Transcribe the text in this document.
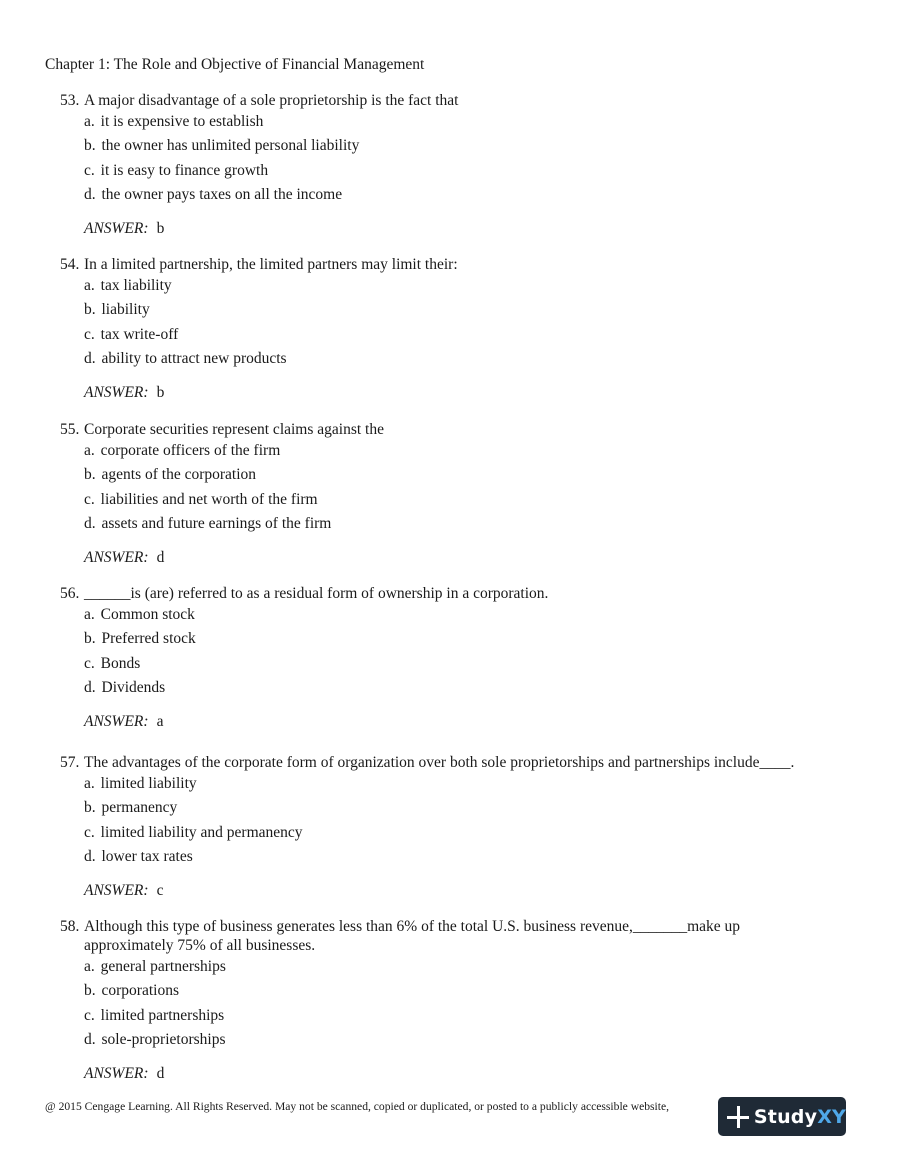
Chapter 1: The Role and Objective of Financial Management
53. A major disadvantage of a sole proprietorship is the fact that
a. it is expensive to establish
b. the owner has unlimited personal liability
c. it is easy to finance growth
d. the owner pays taxes on all the income
ANSWER: b
54. In a limited partnership, the limited partners may limit their:
a. tax liability
b. liability
c. tax write-off
d. ability to attract new products
ANSWER: b
55. Corporate securities represent claims against the
a. corporate officers of the firm
b. agents of the corporation
c. liabilities and net worth of the firm
d. assets and future earnings of the firm
ANSWER: d
56. ______is (are) referred to as a residual form of ownership in a corporation.
a. Common stock
b. Preferred stock
c. Bonds
d. Dividends
ANSWER: a
57. The advantages of the corporate form of organization over both sole proprietorships and partnerships include____.
a. limited liability
b. permanency
c. limited liability and permanency
d. lower tax rates
ANSWER: c
58. Although this type of business generates less than 6% of the total U.S. business revenue,_______make up approximately 75% of all businesses.
a. general partnerships
b. corporations
c. limited partnerships
d. sole-proprietorships
ANSWER: d
@ 2015 Cengage Learning. All Rights Reserved. May not be scanned, copied or duplicated, or posted to a publicly accessible website,	StudyXY
